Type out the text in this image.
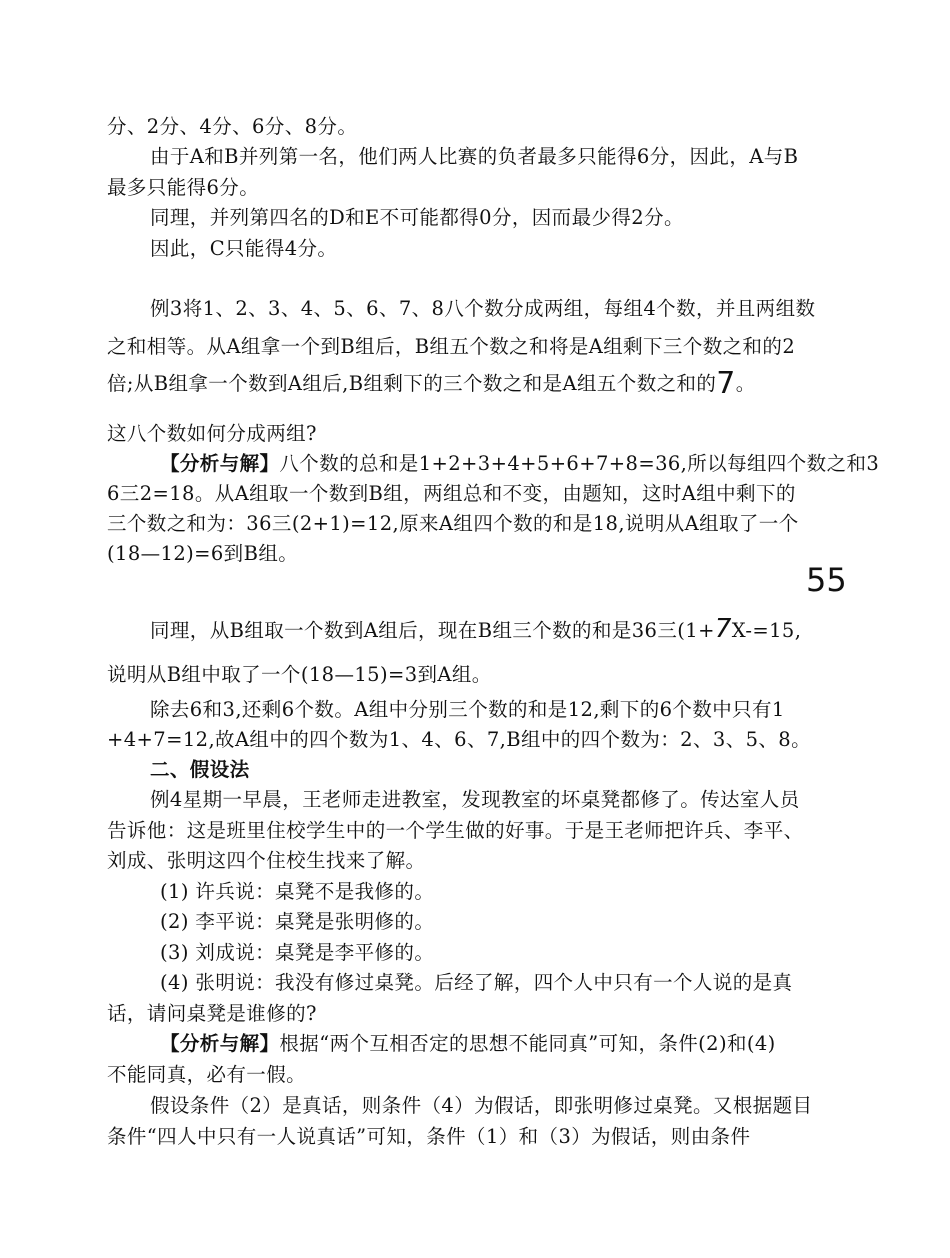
分、2分、4分、6分、8分。
由于A和B并列第一名，他们两人比赛的负者最多只能得6分，因此，A与B
最多只能得6分。
同理，并列第四名的D和E不可能都得0分，因而最少得2分。
因此，C只能得4分。
例3将1、2、3、4、5、6、7、8八个数分成两组，每组4个数，并且两组数
之和相等。从A组拿一个到B组后，B组五个数之和将是A组剩下三个数之和的2
倍;从B组拿一个数到A组后,B组剩下的三个数之和是A组五个数之和的7。
这八个数如何分成两组?
【分析与解】八个数的总和是1+2+3+4+5+6+7+8=36,所以每组四个数之和3
6三2=18。从A组取一个数到B组，两组总和不变，由题知，这时A组中剩下的
三个数之和为：36三(2+1)=12,原来A组四个数的和是18,说明从A组取了一个
(18—12)=6到B组。
55
同理，从B组取一个数到A组后，现在B组三个数的和是36三(1+7X-=15,
说明从B组中取了一个(18—15)=3到A组。
除去6和3,还剩6个数。A组中分别三个数的和是12,剩下的6个数中只有1
+4+7=12,故A组中的四个数为1、4、6、7,B组中的四个数为：2、3、5、8。
二、假设法
例4星期一早晨，王老师走进教室，发现教室的坏桌凳都修了。传达室人员
告诉他：这是班里住校学生中的一个学生做的好事。于是王老师把许兵、李平、
刘成、张明这四个住校生找来了解。
(1) 许兵说：桌凳不是我修的。
(2) 李平说：桌凳是张明修的。
(3) 刘成说：桌凳是李平修的。
(4) 张明说：我没有修过桌凳。后经了解，四个人中只有一个人说的是真
话，请问桌凳是谁修的?
【分析与解】根据“两个互相否定的思想不能同真”可知，条件(2)和(4)
不能同真，必有一假。
假设条件（2）是真话，则条件（4）为假话，即张明修过桌凳。又根据题目
条件“四人中只有一人说真话”可知，条件（1）和（3）为假话，则由条件
